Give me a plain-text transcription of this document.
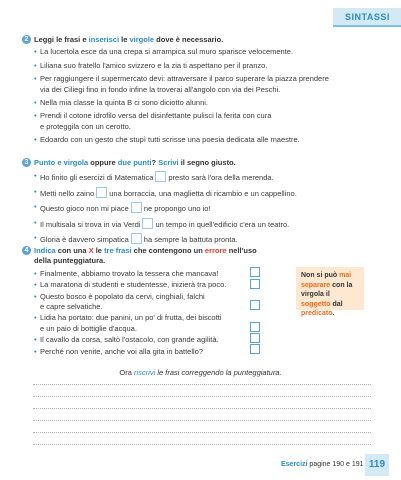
SINTASSI
2 Leggi le frasi e inserisci le virgole dove è necessario.
• La lucertola esce da una crepa si arrampica sul muro sparisce velocemente.
• Liliana suo fratello l'amico svizzero e la zia ti aspettano per il pranzo.
• Per raggiungere il supermercato devi: attraversare il parco superare la piazza prendere
via dei Ciliegi fino in fondo infine la troverai all'angolo con via dei Peschi.
• Nella mia classe la quinta B ci sono diciotto alunni.
• Prendi il cotone idrofilo versa del disinfettante pulisci la ferita con cura
e proteggila con un cerotto.
• Edoardo con un gesto che stupì tutti scrisse una poesia dedicata alle maestre.
3 Punto e virgola oppure due punti? Scrivi il segno giusto.
• Ho finito gli esercizi di Matematica presto sarà l'ora della merenda.
• Metti nello zaino una borraccia, una maglietta di ricambio e un cappellino.
• Questo gioco non mi piace ne propongo uno io!
• Il multisala si trova in via Verdi un tempo in quell'edificio c'era un teatro.
• Gloria è davvero simpatica ha sempre la battuta pronta.
4 Indica con una X le tre frasi che contengono un errore nell'uso
della punteggiatura.
• Finalmente, abbiamo trovato la tessera che mancava!
• La maratona di studenti e studentesse, inizierà tra poco.
• Questo bosco è popolato da cervi, cinghiali, falchi
e capre selvatiche.
• Lidia ha portato: due panini, un po' di frutta, dei biscotti
e un paio di bottiglie d'acqua.
• Il cavallo da corsa, saltò l'ostacolo, con grande agilità.
• Perché non venite, anche voi alla gita in battello?
Non si può mai separare con la virgola il soggetto dal predicato.
Ora riscrivi le frasi correggendo la punteggiatura.
Esercizi pagine 190 e 191 119
